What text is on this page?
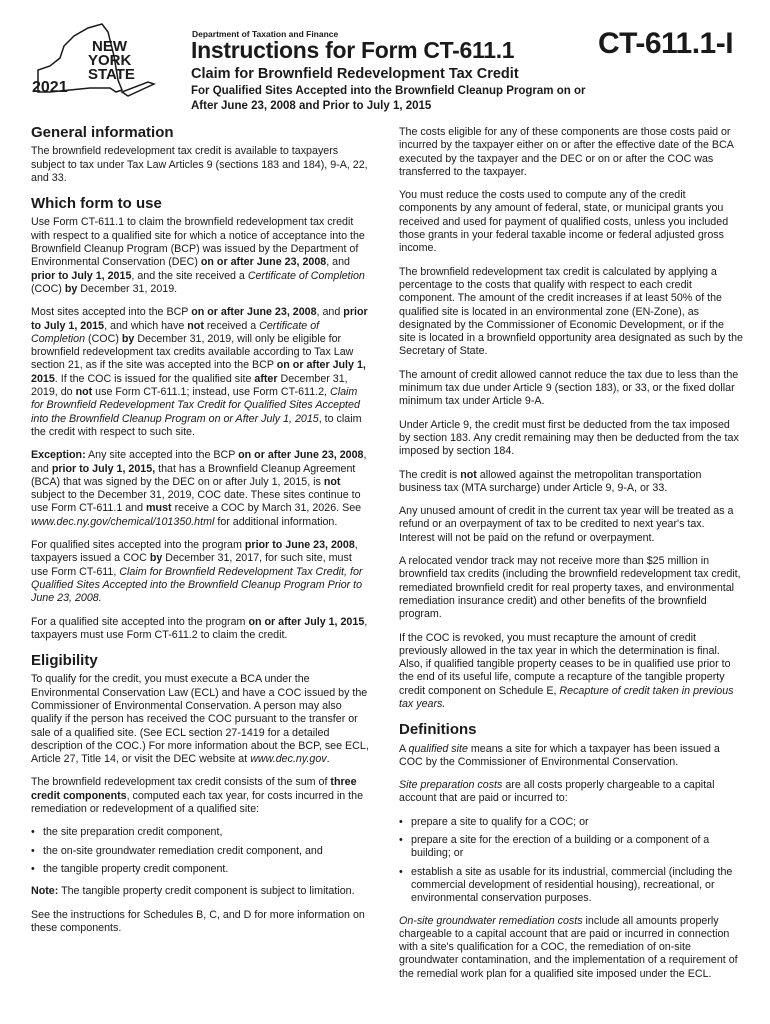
NEW
YORK
STATE
2021
Department of Taxation and Finance
Instructions for Form CT-611.1	CT-611.1-I
Claim for Brownfield Redevelopment Tax Credit
For Qualified Sites Accepted into the Brownfield Cleanup Program on or After June 23, 2008 and Prior to July 1, 2015
General information

The brownfield redevelopment tax credit is available to taxpayers subject to tax under Tax Law Articles 9 (sections 183 and 184), 9-A, 22, and 33.

Which form to use

Use Form CT-611.1 to claim the brownfield redevelopment tax credit with respect to a qualified site for which a notice of acceptance into the Brownfield Cleanup Program (BCP) was issued by the Department of Environmental Conservation (DEC) on or after June 23, 2008, and prior to July 1, 2015, and the site received a Certificate of Completion (COC) by December 31, 2019.

Most sites accepted into the BCP on or after June 23, 2008, and prior to July 1, 2015, and which have not received a Certificate of Completion (COC) by December 31, 2019, will only be eligible for brownfield redevelopment tax credits available according to Tax Law section 21, as if the site was accepted into the BCP on or after July 1, 2015. If the COC is issued for the qualified site after December 31, 2019, do not use Form CT-611.1; instead, use Form CT-611.2, Claim for Brownfield Redevelopment Tax Credit for Qualified Sites Accepted into the Brownfield Cleanup Program on or After July 1, 2015, to claim the credit with respect to such site.

Exception: Any site accepted into the BCP on or after June 23, 2008, and prior to July 1, 2015, that has a Brownfield Cleanup Agreement (BCA) that was signed by the DEC on or after July 1, 2015, is not subject to the December 31, 2019, COC date. These sites continue to use Form CT-611.1 and must receive a COC by March 31, 2026. See www.dec.ny.gov/chemical/101350.html for additional information.

For qualified sites accepted into the program prior to June 23, 2008, taxpayers issued a COC by December 31, 2017, for such site, must use Form CT-611, Claim for Brownfield Redevelopment Tax Credit, for Qualified Sites Accepted into the Brownfield Cleanup Program Prior to June 23, 2008.

For a qualified site accepted into the program on or after July 1, 2015, taxpayers must use Form CT-611.2 to claim the credit.

Eligibility

To qualify for the credit, you must execute a BCA under the Environmental Conservation Law (ECL) and have a COC issued by the Commissioner of Environmental Conservation. A person may also qualify if the person has received the COC pursuant to the transfer or sale of a qualified site. (See ECL section 27-1419 for a detailed description of the COC.) For more information about the BCP, see ECL, Article 27, Title 14, or visit the DEC website at www.dec.ny.gov.

The brownfield redevelopment tax credit consists of the sum of three credit components, computed each tax year, for costs incurred in the remediation or redevelopment of a qualified site:

• the site preparation credit component,
• the on-site groundwater remediation credit component, and
• the tangible property credit component.

Note: The tangible property credit component is subject to limitation.

See the instructions for Schedules B, C, and D for more information on these components.

The costs eligible for any of these components are those costs paid or incurred by the taxpayer either on or after the effective date of the BCA executed by the taxpayer and the DEC or on or after the COC was transferred to the taxpayer.

You must reduce the costs used to compute any of the credit components by any amount of federal, state, or municipal grants you received and used for payment of qualified costs, unless you included those grants in your federal taxable income or federal adjusted gross income.

The brownfield redevelopment tax credit is calculated by applying a percentage to the costs that qualify with respect to each credit component. The amount of the credit increases if at least 50% of the qualified site is located in an environmental zone (EN-Zone), as designated by the Commissioner of Economic Development, or if the site is located in a brownfield opportunity area designated as such by the Secretary of State.

The amount of credit allowed cannot reduce the tax due to less than the minimum tax due under Article 9 (section 183), or 33, or the fixed dollar minimum tax under Article 9-A.

Under Article 9, the credit must first be deducted from the tax imposed by section 183. Any credit remaining may then be deducted from the tax imposed by section 184.

The credit is not allowed against the metropolitan transportation business tax (MTA surcharge) under Article 9, 9-A, or 33.

Any unused amount of credit in the current tax year will be treated as a refund or an overpayment of tax to be credited to next year's tax. Interest will not be paid on the refund or overpayment.

A relocated vendor track may not receive more than $25 million in brownfield tax credits (including the brownfield redevelopment tax credit, remediated brownfield credit for real property taxes, and environmental remediation insurance credit) and other benefits of the brownfield program.

If the COC is revoked, you must recapture the amount of credit previously allowed in the tax year in which the determination is final. Also, if qualified tangible property ceases to be in qualified use prior to the end of its useful life, compute a recapture of the tangible property credit component on Schedule E, Recapture of credit taken in previous tax years.

Definitions

A qualified site means a site for which a taxpayer has been issued a COC by the Commissioner of Environmental Conservation.

Site preparation costs are all costs properly chargeable to a capital account that are paid or incurred to:

• prepare a site to qualify for a COC; or
• prepare a site for the erection of a building or a component of a building; or
• establish a site as usable for its industrial, commercial (including the commercial development of residential housing), recreational, or environmental conservation purposes.

On-site groundwater remediation costs include all amounts properly chargeable to a capital account that are paid or incurred in connection with a site's qualification for a COC, the remediation of on-site groundwater contamination, and the implementation of a requirement of the remedial work plan for a qualified site imposed under the ECL.
